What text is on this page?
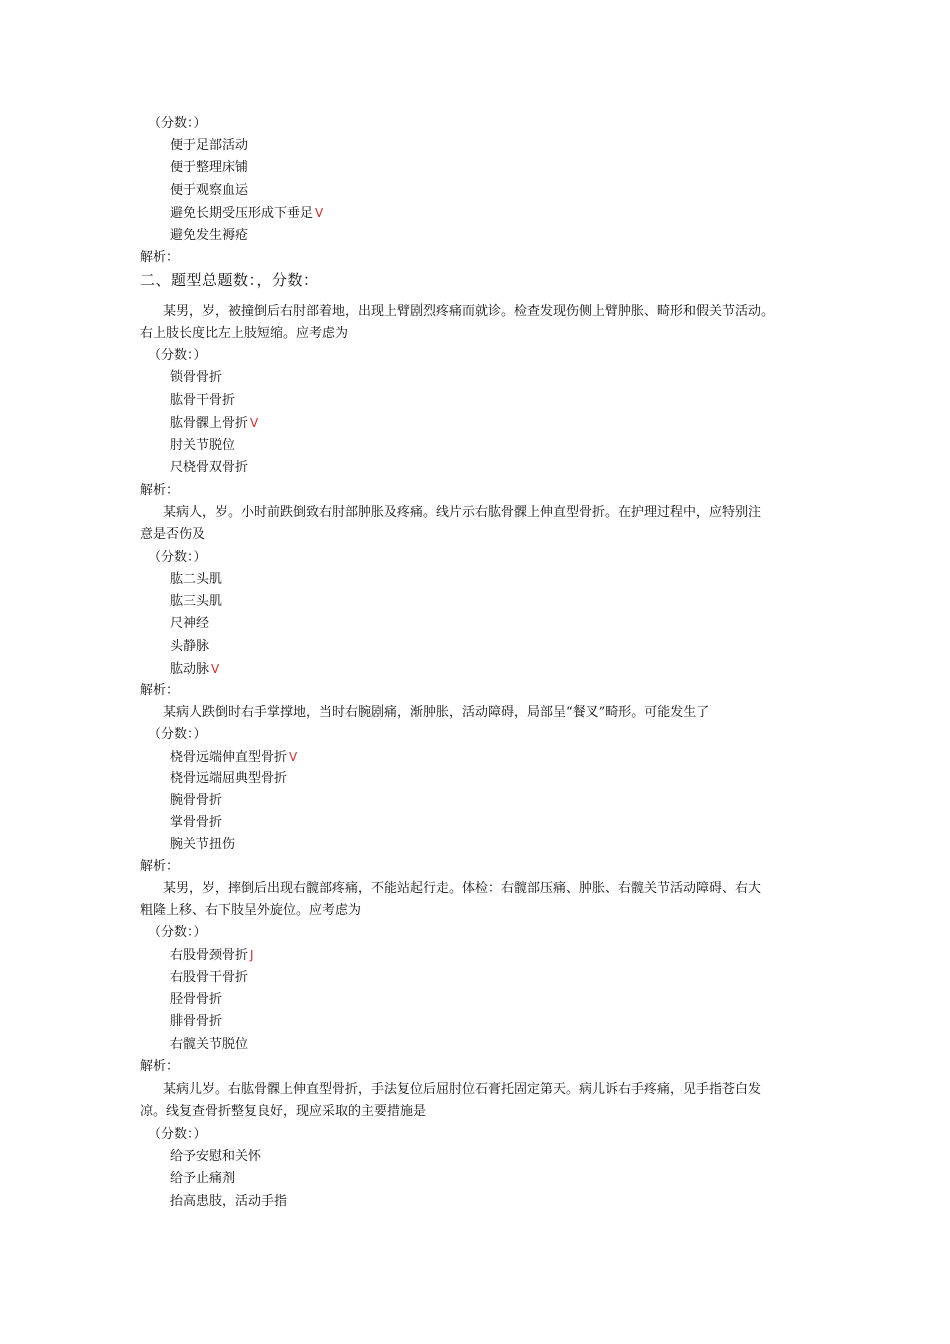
（分数：）
便于足部活动
便于整理床铺
便于观察血运
避免长期受压形成下垂足 V
避免发生褥疮
解析：
二、题型总题数：，分数：
某男，岁，被撞倒后右肘部着地，出现上臂剧烈疼痛而就诊。检查发现伤侧上臂肿胀、畸形和假关节活动。
右上肢长度比左上肢短缩。应考虑为
（分数：）
锁骨骨折
肱骨干骨折
肱骨髁上骨折 V
肘关节脱位
尺桡骨双骨折
解析：
某病人，岁。小时前跌倒致右肘部肿胀及疼痛。线片示右肱骨髁上伸直型骨折。在护理过程中，应特别注
意是否伤及
（分数：）
肱二头肌
肱三头肌
尺神经
头静脉
肱动脉 V
解析：
某病人跌倒时右手掌撑地，当时右腕剧痛，渐肿胀，活动障碍，局部呈“餐叉”畸形。可能发生了
（分数：）
桡骨远端伸直型骨折 V
桡骨远端屈典型骨折
腕骨骨折
掌骨骨折
腕关节扭伤
解析：
某男，岁，摔倒后出现右髋部疼痛，不能站起行走。体检：右髋部压痛、肿胀、右髋关节活动障碍、右大
粗隆上移、右下肢呈外旋位。应考虑为
（分数：）
右股骨颈骨折 J
右股骨干骨折
胫骨骨折
腓骨骨折
右髋关节脱位
解析：
某病儿岁。右肱骨髁上伸直型骨折，手法复位后屈肘位石膏托固定第天。病儿诉右手疼痛，见手指苍白发
凉。线复查骨折整复良好，现应采取的主要措施是
（分数：）
给予安慰和关怀
给予止痛剂
抬高患肢，活动手指
